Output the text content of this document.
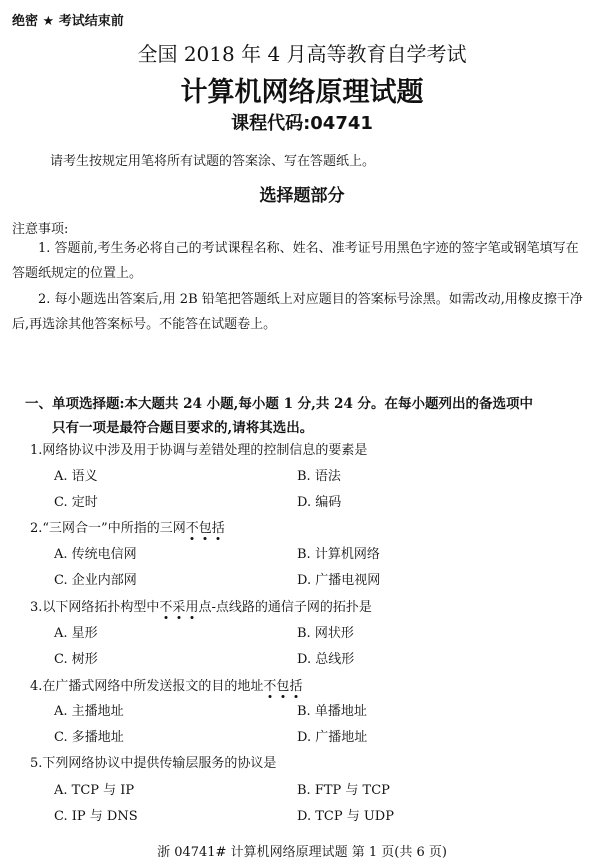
绝密 ★ 考试结束前
全国 2018 年 4 月高等教育自学考试
计算机网络原理试题
课程代码:04741
请考生按规定用笔将所有试题的答案涂、写在答题纸上。
选择题部分
注意事项:
1. 答题前,考生务必将自己的考试课程名称、姓名、准考证号用黑色字迹的签字笔或钢笔填写在答题纸规定的位置上。
2. 每小题选出答案后,用 2B 铅笔把答题纸上对应题目的答案标号涂黑。如需改动,用橡皮擦干净后,再选涂其他答案标号。不能答在试题卷上。
一、单项选择题:本大题共 24 小题,每小题 1 分,共 24 分。在每小题列出的备选项中
只有一项是最符合题目要求的,请将其选出。
1.网络协议中涉及用于协调与差错处理的控制信息的要素是
A. 语义	B. 语法
C. 定时	D. 编码
2.“三网合一”中所指的三网不包括
A. 传统电信网	B. 计算机网络
C. 企业内部网	D. 广播电视网
3.以下网络拓扑构型中不采用点-点线路的通信子网的拓扑是
A. 星形	B. 网状形
C. 树形	D. 总线形
4.在广播式网络中所发送报文的目的地址不包括
A. 主播地址	B. 单播地址
C. 多播地址	D. 广播地址
5.下列网络协议中提供传输层服务的协议是
A. TCP 与 IP	B. FTP 与 TCP
C. IP 与 DNS	D. TCP 与 UDP
浙 04741# 计算机网络原理试题 第 1 页(共 6 页)
